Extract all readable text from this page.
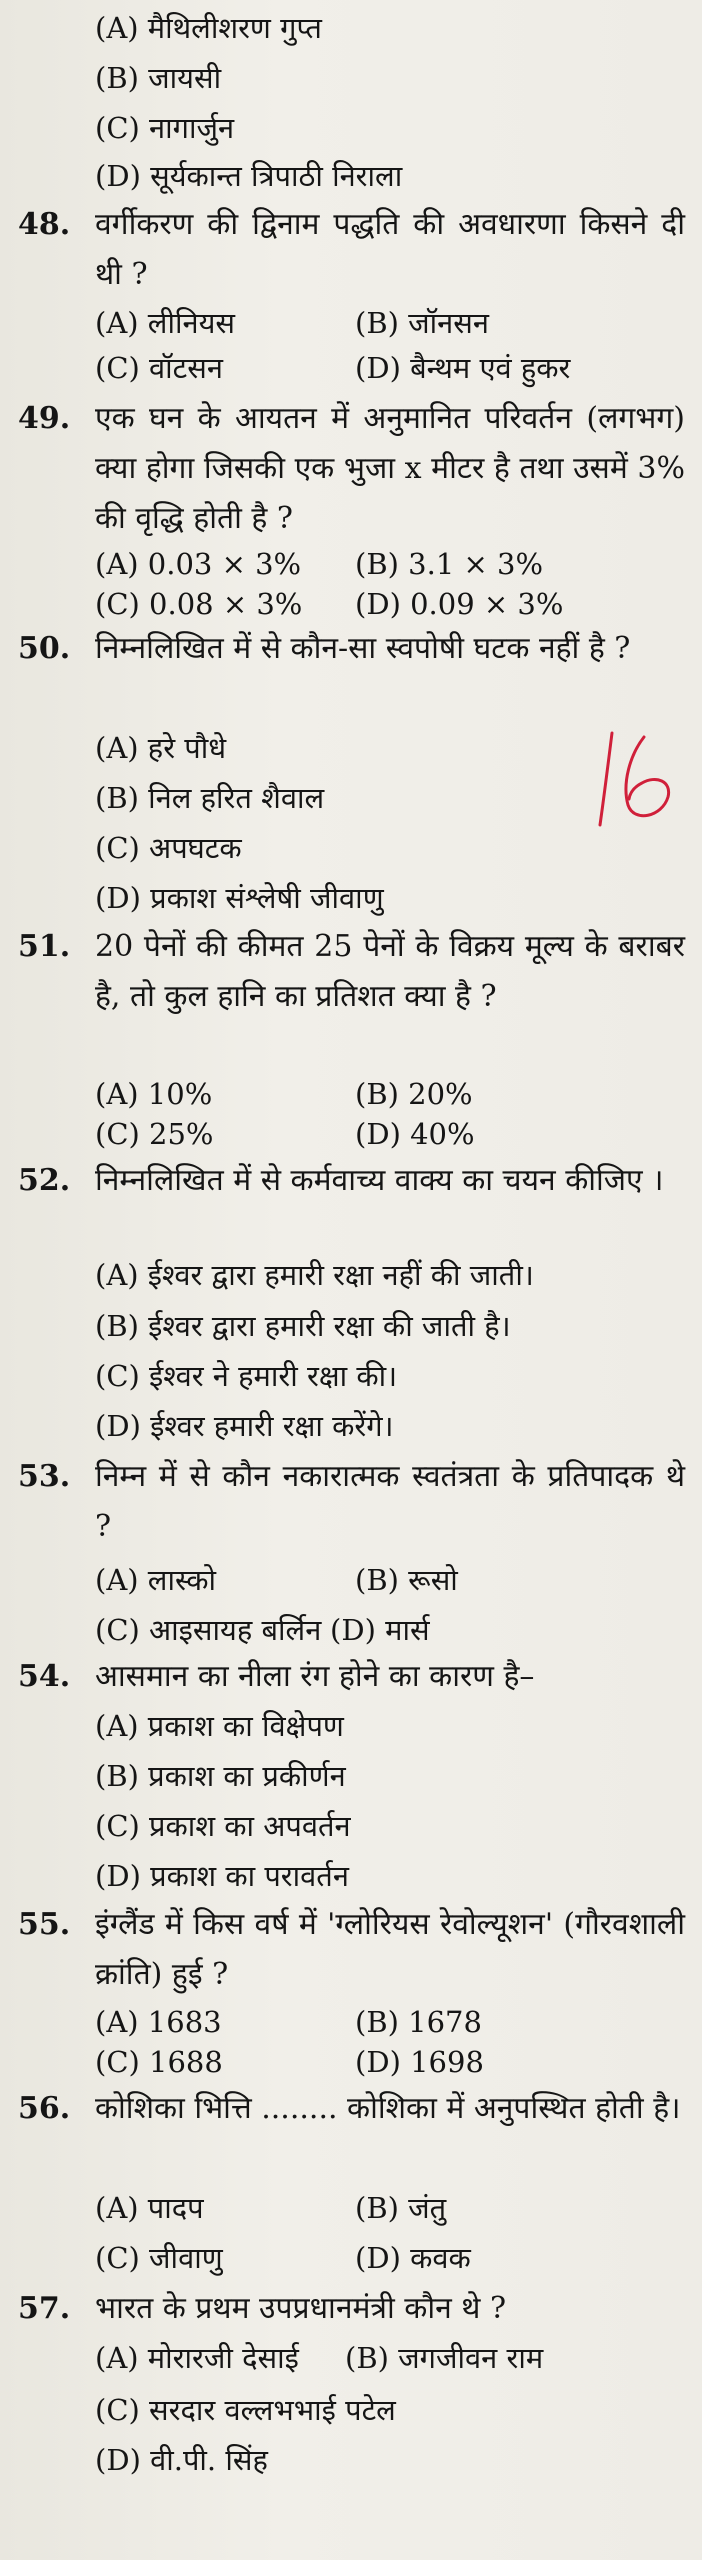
(A) मैथिलीशरण गुप्त
(B) जायसी
(C) नागार्जुन
(D) सूर्यकान्त त्रिपाठी निराला
48. वर्गीकरण की द्विनाम पद्धति की अवधारणा किसने दी थी ?
(A) लीनियस	(B) जॉनसन
(C) वॉटसन	(D) बैन्थम एवं हुकर
49. एक घन के आयतन में अनुमानित परिवर्तन (लगभग) क्या होगा जिसकी एक भुजा x मीटर है तथा उसमें 3% की वृद्धि होती है ?
(A) 0.03 × 3% (B) 3.1 × 3%
(C) 0.08 × 3% (D) 0.09 × 3%
50. निम्नलिखित में से कौन-सा स्वपोषी घटक नहीं है ?
(A) हरे पौधे
(B) निल हरित शैवाल
(C) अपघटक
(D) प्रकाश संश्लेषी जीवाणु
51. 20 पेनों की कीमत 25 पेनों के विक्रय मूल्य के बराबर है, तो कुल हानि का प्रतिशत क्या है ?
(A) 10%	(B) 20%
(C) 25%	(D) 40%
52. निम्नलिखित में से कर्मवाच्य वाक्य का चयन कीजिए ।
(A) ईश्वर द्वारा हमारी रक्षा नहीं की जाती।
(B) ईश्वर द्वारा हमारी रक्षा की जाती है।
(C) ईश्वर ने हमारी रक्षा की।
(D) ईश्वर हमारी रक्षा करेंगे।
53. निम्न में से कौन नकारात्मक स्वतंत्रता के प्रतिपादक थे ?
(A) लास्को	(B) रूसो
(C) आइसायह बर्लिन (D) मार्स
54. आसमान का नीला रंग होने का कारण है–
(A) प्रकाश का विक्षेपण
(B) प्रकाश का प्रकीर्णन
(C) प्रकाश का अपवर्तन
(D) प्रकाश का परावर्तन
55. इंग्लैंड में किस वर्ष में 'ग्लोरियस रेवोल्यूशन' (गौरवशाली क्रांति) हुई ?
(A) 1683	(B) 1678
(C) 1688	(D) 1698
56. कोशिका भित्ति ........ कोशिका में अनुपस्थित होती है।
(A) पादप	(B) जंतु
(C) जीवाणु	(D) कवक
57. भारत के प्रथम उपप्रधानमंत्री कौन थे ?
(A) मोरारजी देसाई (B) जगजीवन राम
(C) सरदार वल्लभभाई पटेल
(D) वी.पी. सिंह
